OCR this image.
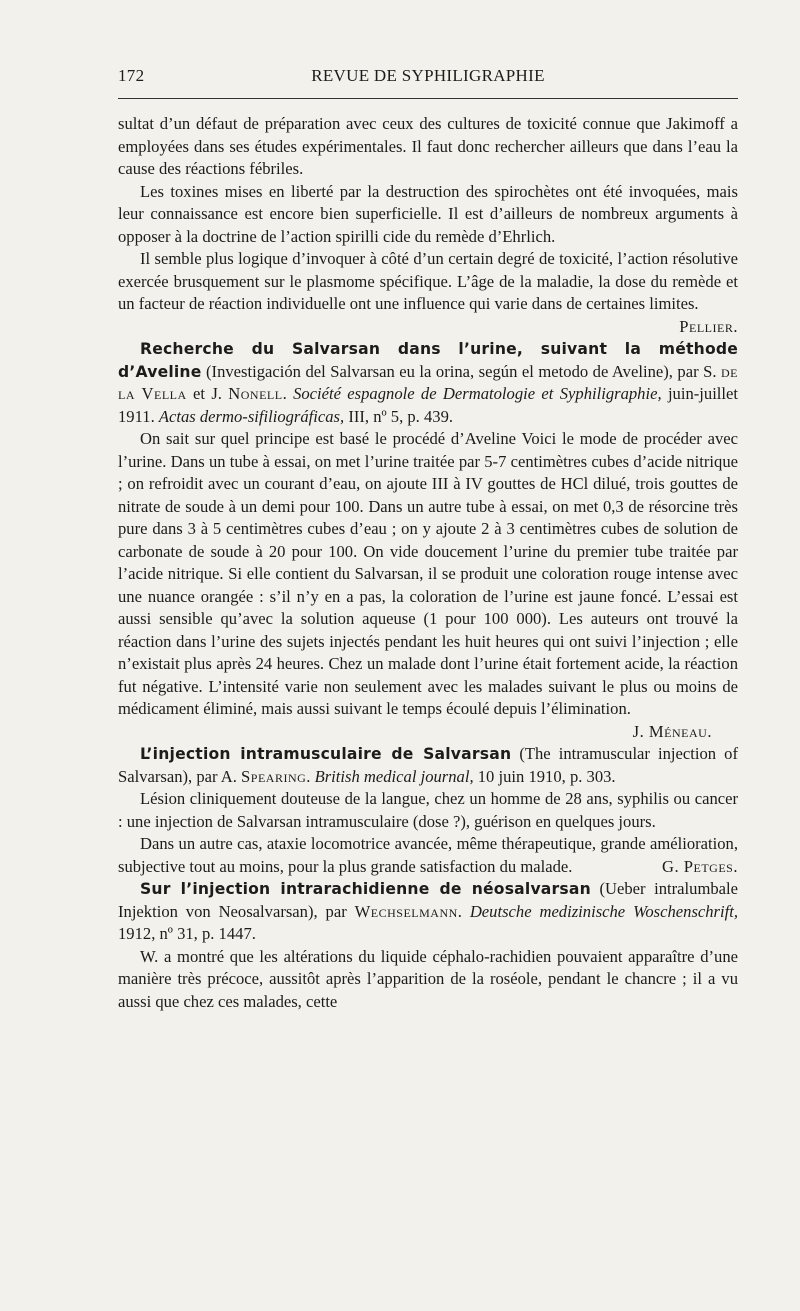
172	REVUE DE SYPHILIGRAPHIE

sultat d’un défaut de préparation avec ceux des cultures de toxicité connue que Jakimoff a employées dans ses études expérimentales. Il faut donc rechercher ailleurs que dans l’eau la cause des réactions fébriles.

Les toxines mises en liberté par la destruction des spirochètes ont été invoquées, mais leur connaissance est encore bien superficielle. Il est d’ailleurs de nombreux arguments à opposer à la doctrine de l’action spirilli cide du remède d’Ehrlich.

Il semble plus logique d’invoquer à côté d’un certain degré de toxicité, l’action résolutive exercée brusquement sur le plasmome spécifique. L’âge de la maladie, la dose du remède et un facteur de réaction individuelle ont une influence qui varie dans de certaines limites.
Pellier.

Recherche du Salvarsan dans l’urine, suivant la méthode d’Aveline (Investigación del Salvarsan eu la orina, según el metodo de Aveline), par S. de la Vella et J. Nonell. Société espagnole de Dermatologie et Syphiligraphie, juin-juillet 1911. Actas dermo-sifiliográficas, III, nº 5, p. 439.

On sait sur quel principe est basé le procédé d’Aveline Voici le mode de procéder avec l’urine. Dans un tube à essai, on met l’urine traitée par 5-7 centimètres cubes d’acide nitrique ; on refroidit avec un courant d’eau, on ajoute III à IV gouttes de HCl dilué, trois gouttes de nitrate de soude à un demi pour 100. Dans un autre tube à essai, on met 0,3 de résorcine très pure dans 3 à 5 centimètres cubes d’eau ; on y ajoute 2 à 3 centimètres cubes de solution de carbonate de soude à 20 pour 100. On vide doucement l’urine du premier tube traitée par l’acide nitrique. Si elle contient du Salvarsan, il se produit une coloration rouge intense avec une nuance orangée : s’il n’y en a pas, la coloration de l’urine est jaune foncé. L’essai est aussi sensible qu’avec la solution aqueuse (1 pour 100 000). Les auteurs ont trouvé la réaction dans l’urine des sujets injectés pendant les huit heures qui ont suivi l’injection ; elle n’existait plus après 24 heures. Chez un malade dont l’urine était fortement acide, la réaction fut négative. L’intensité varie non seulement avec les malades suivant le plus ou moins de médicament éliminé, mais aussi suivant le temps écoulé depuis l’élimination.

J. Méneau.

L’injection intramusculaire de Salvarsan (The intramuscular injection of Salvarsan), par A. Spearing. British medical journal, 10 juin 1910, p. 303.

Lésion cliniquement douteuse de la langue, chez un homme de 28 ans, syphilis ou cancer : une injection de Salvarsan intramusculaire (dose ?), guérison en quelques jours.

Dans un autre cas, ataxie locomotrice avancée, même thérapeutique, grande amélioration, subjective tout au moins, pour la plus grande satisfaction du malade.	G. Petges.

Sur l’injection intrarachidienne de néosalvarsan (Ueber intralumbale Injektion von Neosalvarsan), par Wechselmann. Deutsche medizinische Woschenschrift, 1912, nº 31, p. 1447.

W. a montré que les altérations du liquide céphalo-rachidien pouvaient apparaître d’une manière très précoce, aussitôt après l’apparition de la roséole, pendant le chancre ; il a vu aussi que chez ces malades, cette
